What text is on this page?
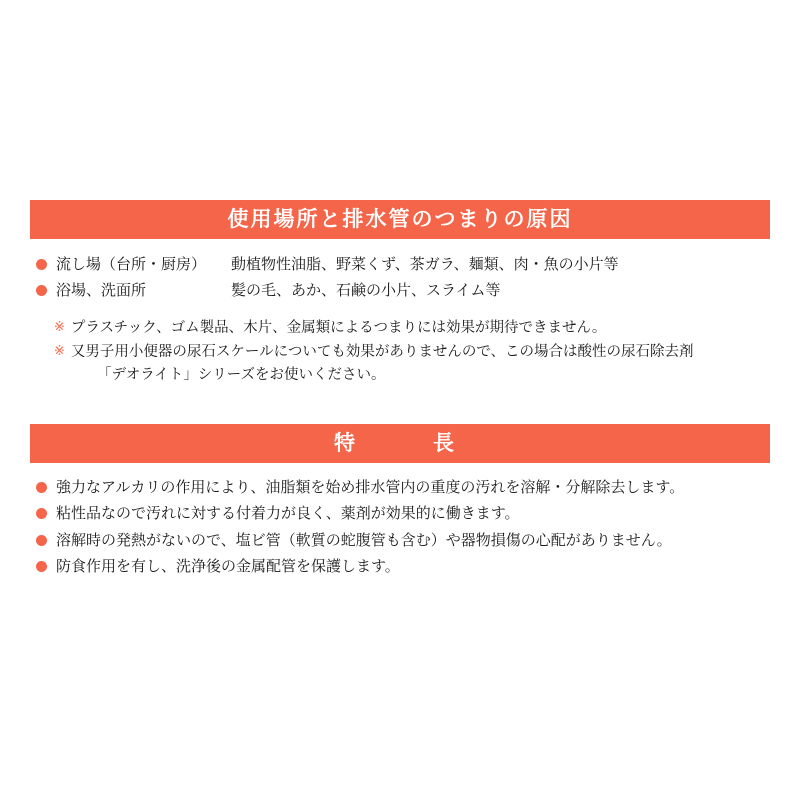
使用場所と排水管のつまりの原因
流し場（台所・厨房）	動植物性油脂、野菜くず、茶ガラ、麺類、肉・魚の小片等
浴場、洗面所	髪の毛、あか、石鹸の小片、スライム等
※ プラスチック、ゴム製品、木片、金属類によるつまりには効果が期待できません。
※ 又男子用小便器の尿石スケールについても効果がありませんので、この場合は酸性の尿石除去剤
「デオライト」シリーズをお使いください。
特　　長
強力なアルカリの作用により、油脂類を始め排水管内の重度の汚れを溶解・分解除去します。
粘性品なので汚れに対する付着力が良く、薬剤が効果的に働きます。
溶解時の発熱がないので、塩ビ管（軟質の蛇腹管も含む）や器物損傷の心配がありません。
防食作用を有し、洗浄後の金属配管を保護します。
